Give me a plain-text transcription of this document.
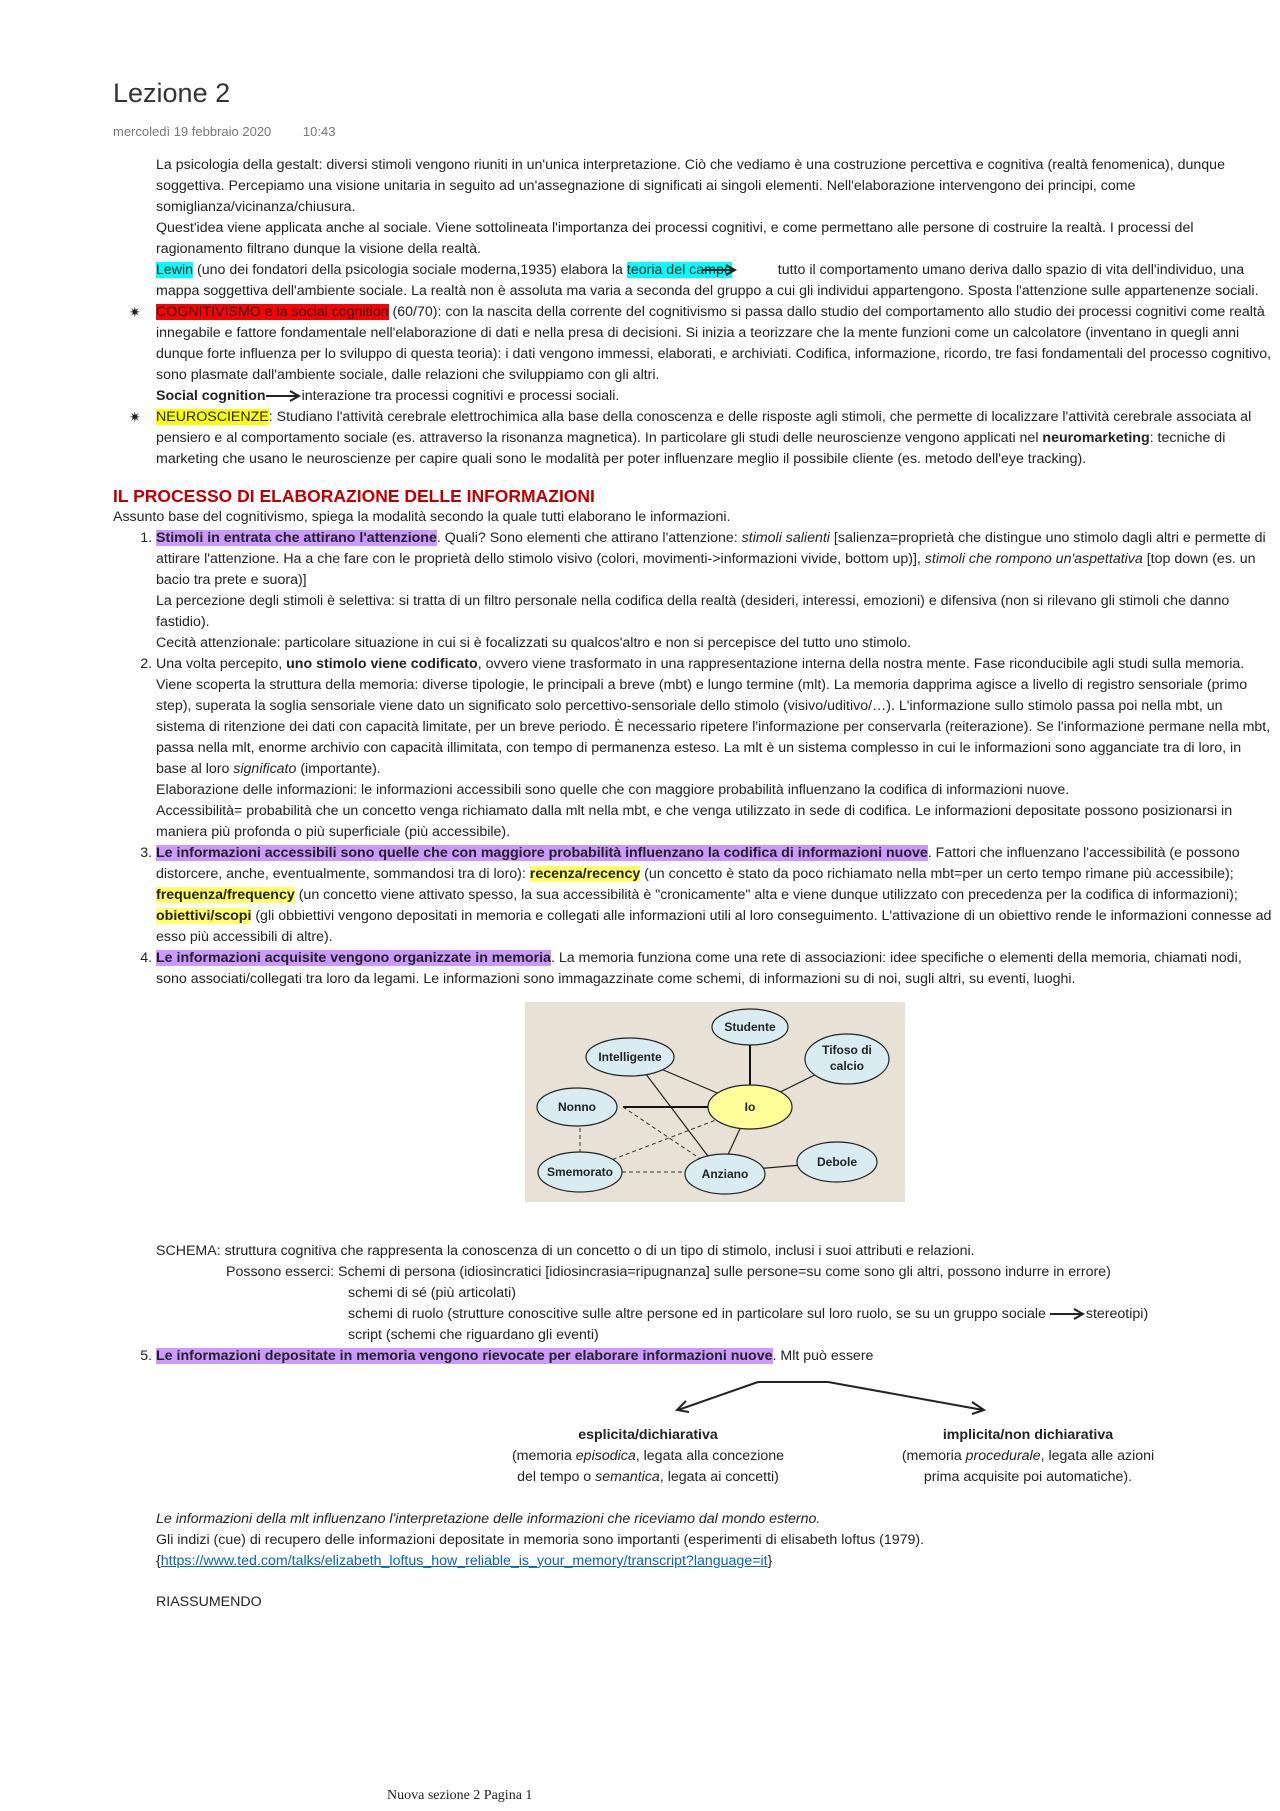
Lezione 2
mercoledì 19 febbraio 2020 10:43

La psicologia della gestalt: diversi stimoli vengono riuniti in un'unica interpretazione. Ciò che vediamo è una costruzione percettiva e cognitiva (realtà fenomenica), dunque soggettiva. Percepiamo una visione unitaria in seguito ad un'assegnazione di significati ai singoli elementi. Nell'elaborazione intervengono dei principi, come somiglianza/vicinanza/chiusura.

Quest'idea viene applicata anche al sociale. Viene sottolineata l'importanza dei processi cognitivi, e come permettano alle persone di costruire la realtà. I processi del ragionamento filtrano dunque la visione della realtà.

Lewin (uno dei fondatori della psicologia sociale moderna,1935) elabora la teoria del campo	tutto il comportamento umano deriva dallo spazio di vita dell'individuo, una mappa soggettiva dell'ambiente sociale. La realtà non è assoluta ma varia a seconda del gruppo a cui gli individui appartengono. Sposta l'attenzione sulle appartenenze sociali.

✷ COGNITIVISMO e la social cognition (60/70): con la nascita della corrente del cognitivismo si passa dallo studio del comportamento allo studio dei processi cognitivi come realtà innegabile e fattore fondamentale nell'elaborazione di dati e nella presa di decisioni. Si inizia a teorizzare che la mente funzioni come un calcolatore (inventano in quegli anni dunque forte influenza per lo sviluppo di questa teoria): i dati vengono immessi, elaborati, e archiviati. Codifica, informazione, ricordo, tre fasi fondamentali del processo cognitivo, sono plasmate dall'ambiente sociale, dalle relazioni che sviluppiamo con gli altri.
Social cognition	interazione tra processi cognitivi e processi sociali.
✷ NEUROSCIENZE: Studiano l'attività cerebrale elettrochimica alla base della conoscenza e delle risposte agli stimoli, che permette di localizzare l'attività cerebrale associata al pensiero e al comportamento sociale (es. attraverso la risonanza magnetica). In particolare gli studi delle neuroscienze vengono applicati nel neuromarketing: tecniche di marketing che usano le neuroscienze per capire quali sono le modalità per poter influenzare meglio il possibile cliente (es. metodo dell'eye tracking).

IL PROCESSO DI ELABORAZIONE DELLE INFORMAZIONI

Assunto base del cognitivismo, spiega la modalità secondo la quale tutti elaborano le informazioni.

1. Stimoli in entrata che attirano l'attenzione. Quali? Sono elementi che attirano l'attenzione: stimoli salienti [salienza=proprietà che distingue uno stimolo dagli altri e permette di attirare l'attenzione. Ha a che fare con le proprietà dello stimolo visivo (colori, movimenti->informazioni vivide, bottom up)], stimoli che rompono un'aspettativa [top down (es. un bacio tra prete e suora)]

La percezione degli stimoli è selettiva: si tratta di un filtro personale nella codifica della realtà (desideri, interessi, emozioni) e difensiva (non si rilevano gli stimoli che danno fastidio).

Cecità attenzionale: particolare situazione in cui si è focalizzati su qualcos'altro e non si percepisce del tutto uno stimolo.

2. Una volta percepito, uno stimolo viene codificato, ovvero viene trasformato in una rappresentazione interna della nostra mente. Fase riconducibile agli studi sulla memoria. Viene scoperta la struttura della memoria: diverse tipologie, le principali a breve (mbt) e lungo termine (mlt). La memoria dapprima agisce a livello di registro sensoriale (primo step), superata la soglia sensoriale viene dato un significato solo percettivo-sensoriale dello stimolo (visivo/uditivo/…). L'informazione sullo stimolo passa poi nella mbt, un sistema di ritenzione dei dati con capacità limitate, per un breve periodo. È necessario ripetere l'informazione per conservarla (reiterazione). Se l'informazione permane nella mbt, passa nella mlt, enorme archivio con capacità illimitata, con tempo di permanenza esteso. La mlt è un sistema complesso in cui le informazioni sono agganciate tra di loro, in base al loro significato (importante).

Elaborazione delle informazioni: le informazioni accessibili sono quelle che con maggiore probabilità influenzano la codifica di informazioni nuove.

Accessibilità= probabilità che un concetto venga richiamato dalla mlt nella mbt, e che venga utilizzato in sede di codifica. Le informazioni depositate possono posizionarsi in maniera più profonda o più superficiale (più accessibile).

3. Le informazioni accessibili sono quelle che con maggiore probabilità influenzano la codifica di informazioni nuove. Fattori che influenzano l'accessibilità (e possono distorcere, anche, eventualmente, sommandosi tra di loro): recenza/recency (un concetto è stato da poco richiamato nella mbt=per un certo tempo rimane più accessibile); frequenza/frequency (un concetto viene attivato spesso, la sua accessibilità è "cronicamente" alta e viene dunque utilizzato con precedenza per la codifica di informazioni); obiettivi/scopi (gli obbiettivi vengono depositati in memoria e collegati alle informazioni utili al loro conseguimento. L'attivazione di un obiettivo rende le informazioni connesse ad esso più accessibili di altre).
4. Le informazioni acquisite vengono organizzate in memoria. La memoria funziona come una rete di associazioni: idee specifiche o elementi della memoria, chiamati nodi, sono associati/collegati tra loro da legami. Le informazioni sono immagazzinate come schemi, di informazioni su di noi, sugli altri, su eventi, luoghi.
Studente
Intelligente	Tifoso di
calcio
Nonno	Io
Debole
Smemorato	Anziano

SCHEMA: struttura cognitiva che rappresenta la conoscenza di un concetto o di un tipo di stimolo, inclusi i suoi attributi e relazioni.

Possono esserci: Schemi di persona (idiosincratici [idiosincrasia=ripugnanza] sulle persone=su come sono gli altri, possono indurre in errore)

schemi di sé (più articolati)

schemi di ruolo (strutture conoscitive sulle altre persone ed in particolare sul loro ruolo, se su un gruppo sociale	stereotipi)

script (schemi che riguardano gli eventi)

5. Le informazioni depositate in memoria vengono rievocate per elaborare informazioni nuove. Mlt può essere
esplicita/dichiarativa
(memoria episodica, legata alla concezione
del tempo o semantica, legata ai concetti)
implicita/non dichiarativa
(memoria procedurale, legata alle azioni
prima acquisite poi automatiche).

Le informazioni della mlt influenzano l'interpretazione delle informazioni che riceviamo dal mondo esterno.

Gli indizi (cue) di recupero delle informazioni depositate in memoria sono importanti (esperimenti di elisabeth loftus (1979).

{https://www.ted.com/talks/elizabeth_loftus_how_reliable_is_your_memory/transcript?language=it}

RIASSUMENDO

Nuova sezione 2 Pagina 1
